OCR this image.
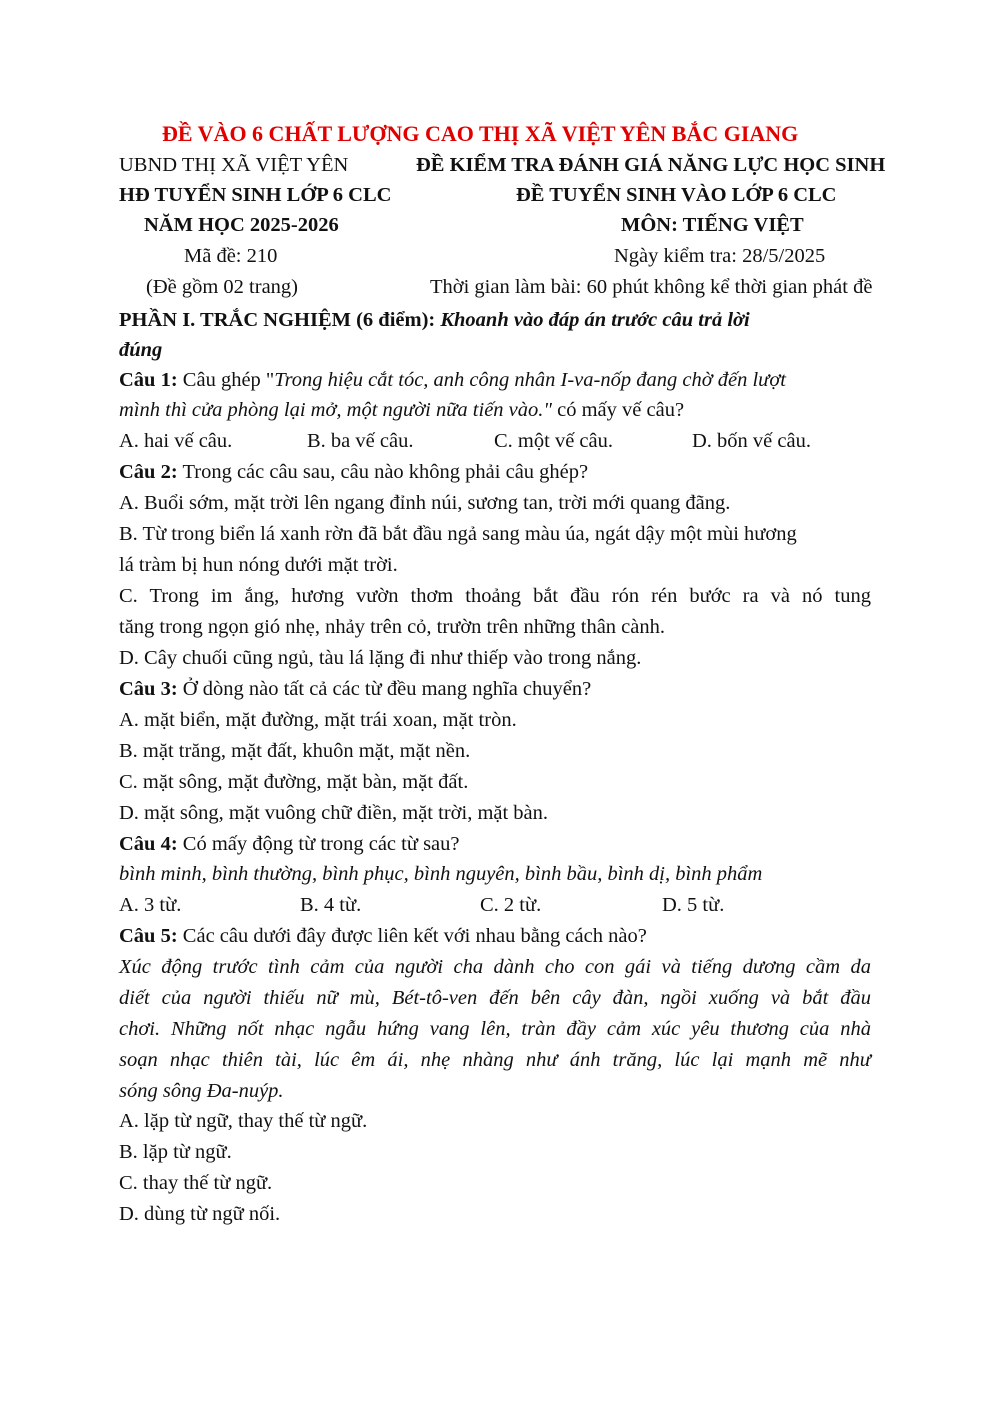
ĐỀ VÀO 6 CHẤT LƯỢNG CAO THỊ XÃ VIỆT YÊN BẮC GIANG
UBND THỊ XÃ VIỆT YÊN	ĐỀ KIỂM TRA ĐÁNH GIÁ NĂNG LỰC HỌC SINH
HĐ TUYỂN SINH LỚP 6 CLC	ĐỀ TUYỂN SINH VÀO LỚP 6 CLC
NĂM HỌC 2025-2026	MÔN: TIẾNG VIỆT
Mã đề: 210	Ngày kiểm tra: 28/5/2025
(Đề gồm 02 trang)	Thời gian làm bài: 60 phút không kể thời gian phát đề
PHẦN I. TRẮC NGHIỆM (6 điểm): Khoanh vào đáp án trước câu trả lời
đúng
Câu 1: Câu ghép "Trong hiệu cắt tóc, anh công nhân I-va-nốp đang chờ đến lượt
mình thì cửa phòng lại mở, một người nữa tiến vào." có mấy vế câu?
A. hai vế câu.	B. ba vế câu.	C. một vế câu.	D. bốn vế câu.
Câu 2: Trong các câu sau, câu nào không phải câu ghép?
A. Buổi sớm, mặt trời lên ngang đỉnh núi, sương tan, trời mới quang đãng.
B. Từ trong biển lá xanh rờn đã bắt đầu ngả sang màu úa, ngát dậy một mùi hương
lá tràm bị hun nóng dưới mặt trời.
C. Trong im ắng, hương vườn thơm thoảng bắt đầu rón rén bước ra và nó tung
tăng trong ngọn gió nhẹ, nhảy trên cỏ, trườn trên những thân cành.
D. Cây chuối cũng ngủ, tàu lá lặng đi như thiếp vào trong nắng.
Câu 3: Ở dòng nào tất cả các từ đều mang nghĩa chuyển?
A. mặt biển, mặt đường, mặt trái xoan, mặt tròn.
B. mặt trăng, mặt đất, khuôn mặt, mặt nền.
C. mặt sông, mặt đường, mặt bàn, mặt đất.
D. mặt sông, mặt vuông chữ điền, mặt trời, mặt bàn.
Câu 4: Có mấy động từ trong các từ sau?
bình minh, bình thường, bình phục, bình nguyên, bình bầu, bình dị, bình phẩm
A. 3 từ.	B. 4 từ.	C. 2 từ.	D. 5 từ.
Câu 5: Các câu dưới đây được liên kết với nhau bằng cách nào?
Xúc động trước tình cảm của người cha dành cho con gái và tiếng dương cầm da
diết của người thiếu nữ mù, Bét-tô-ven đến bên cây đàn, ngồi xuống và bắt đầu
chơi. Những nốt nhạc ngẫu hứng vang lên, tràn đầy cảm xúc yêu thương của nhà
soạn nhạc thiên tài, lúc êm ái, nhẹ nhàng như ánh trăng, lúc lại mạnh mẽ như
sóng sông Đa-nuýp.
A. lặp từ ngữ, thay thế từ ngữ.
B. lặp từ ngữ.
C. thay thế từ ngữ.
D. dùng từ ngữ nối.
